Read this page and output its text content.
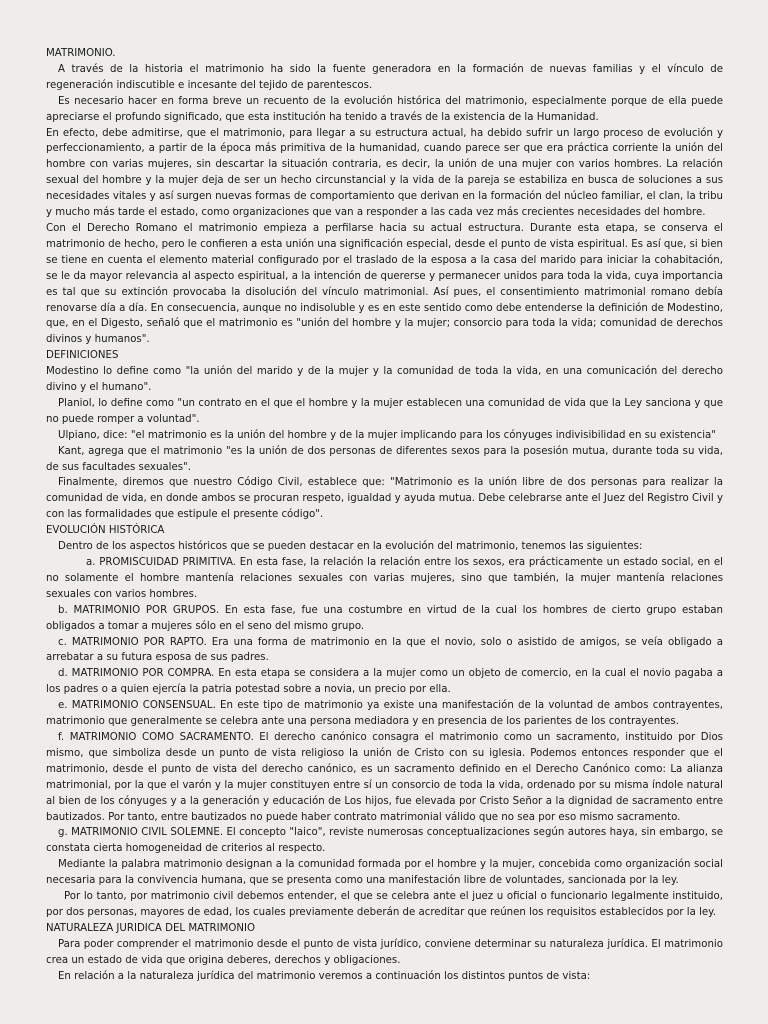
MATRIMONIO.

A través de la historia el matrimonio ha sido la fuente generadora en la formación de nuevas familias y el vínculo de regeneración indiscutible e incesante del tejido de parentescos.

Es necesario hacer en forma breve un recuento de la evolución histórica del matrimonio, especialmente porque de ella puede apreciarse el profundo significado, que esta institución ha tenido a través de la existencia de la Humanidad.

En efecto, debe admitirse, que el matrimonio, para llegar a su estructura actual, ha debido sufrir un largo proceso de evolución y perfeccionamiento, a partir de la época más primitiva de la humanidad, cuando parece ser que era práctica corriente la unión del hombre con varias mujeres, sin descartar la situación contraria, es decir, la unión de una mujer con varios hombres. La relación sexual del hombre y la mujer deja de ser un hecho circunstancial y la vida de la pareja se estabiliza en busca de soluciones a sus necesidades vitales y así surgen nuevas formas de comportamiento que derivan en la formación del núcleo familiar, el clan, la tribu y mucho más tarde el estado, como organizaciones que van a responder a las cada vez más crecientes necesidades del hombre.

Con el Derecho Romano el matrimonio empieza a perfilarse hacia su actual estructura. Durante esta etapa, se conserva el matrimonio de hecho, pero le confieren a esta unión una significación especial, desde el punto de vista espiritual. Es así que, si bien se tiene en cuenta el elemento material configurado por el traslado de la esposa a la casa del marido para iniciar la cohabitación, se le da mayor relevancia al aspecto espiritual, a la intención de quererse y permanecer unidos para toda la vida, cuya importancia es tal que su extinción provocaba la disolución del vínculo matrimonial. Así pues, el consentimiento matrimonial romano debía renovarse día a día. En consecuencia, aunque no indisoluble y es en este sentido como debe entenderse la definición de Modestino, que, en el Digesto, señaló que el matrimonio es "unión del hombre y la mujer; consorcio para toda la vida; comunidad de derechos divinos y humanos".

DEFINICIONES

Modestino lo define como "la unión del marido y de la mujer y la comunidad de toda la vida, en una comunicación del derecho divino y el humano".

Planiol, lo define como "un contrato en el que el hombre y la mujer establecen una comunidad de vida que la Ley sanciona y que no puede romper a voluntad".

Ulpiano, dice: "el matrimonio es la unión del hombre y de la mujer implicando para los cónyuges indivisibilidad en su existencia"

Kant, agrega que el matrimonio "es la unión de dos personas de diferentes sexos para la posesión mutua, durante toda su vida, de sus facultades sexuales".

Finalmente, diremos que nuestro Código Civil, establece que: "Matrimonio es la unión libre de dos personas para realizar la comunidad de vida, en donde ambos se procuran respeto, igualdad y ayuda mutua. Debe celebrarse ante el Juez del Registro Civil y con las formalidades que estipule el presente código".

EVOLUCIÓN HISTÓRICA

Dentro de los aspectos históricos que se pueden destacar en la evolución del matrimonio, tenemos las siguientes:

a. PROMISCUIDAD PRIMITIVA. En esta fase, la relación la relación entre los sexos, era prácticamente un estado social, en el no solamente el hombre mantenía relaciones sexuales con varias mujeres, sino que también, la mujer mantenía relaciones sexuales con varios hombres.

b. MATRIMONIO POR GRUPOS. En esta fase, fue una costumbre en virtud de la cual los hombres de cierto grupo estaban obligados a tomar a mujeres sólo en el seno del mismo grupo.

c. MATRIMONIO POR RAPTO. Era una forma de matrimonio en la que el novio, solo o asistido de amigos, se veía obligado a arrebatar a su futura esposa de sus padres.

d. MATRIMONIO POR COMPRA. En esta etapa se considera a la mujer como un objeto de comercio, en la cual el novio pagaba a los padres o a quien ejercía la patria potestad sobre a novia, un precio por ella.

e. MATRIMONIO CONSENSUAL. En este tipo de matrimonio ya existe una manifestación de la voluntad de ambos contrayentes, matrimonio que generalmente se celebra ante una persona mediadora y en presencia de los parientes de los contrayentes.

f. MATRIMONIO COMO SACRAMENTO. El derecho canónico consagra el matrimonio como un sacramento, instituido por Dios mismo, que simboliza desde un punto de vista religioso la unión de Cristo con su iglesia. Podemos entonces responder que el matrimonio, desde el punto de vista del derecho canónico, es un sacramento definido en el Derecho Canónico como: La alianza matrimonial, por la que el varón y la mujer constituyen entre sí un consorcio de toda la vida, ordenado por su misma índole natural al bien de los cónyuges y a la generación y educación de Los hijos, fue elevada por Cristo Señor a la dignidad de sacramento entre bautizados. Por tanto, entre bautizados no puede haber contrato matrimonial válido que no sea por eso mismo sacramento.

g. MATRIMONIO CIVIL SOLEMNE. El concepto "laico", reviste numerosas conceptualizaciones según autores haya, sin embargo, se constata cierta homogeneidad de criterios al respecto.

Mediante la palabra matrimonio designan a la comunidad formada por el hombre y la mujer, concebida como organización social necesaria para la convivencia humana, que se presenta como una manifestación libre de voluntades, sancionada por la ley.

Por lo tanto, por matrimonio civil debemos entender, el que se celebra ante el juez u oficial o funcionario legalmente instituido, por dos personas, mayores de edad, los cuales previamente deberán de acreditar que reúnen los requisitos establecidos por la ley.

NATURALEZA JURIDICA DEL MATRIMONIO

Para poder comprender el matrimonio desde el punto de vista jurídico, conviene determinar su naturaleza jurídica. El matrimonio crea un estado de vida que origina deberes, derechos y obligaciones.

En relación a la naturaleza jurídica del matrimonio veremos a continuación los distintos puntos de vista:
